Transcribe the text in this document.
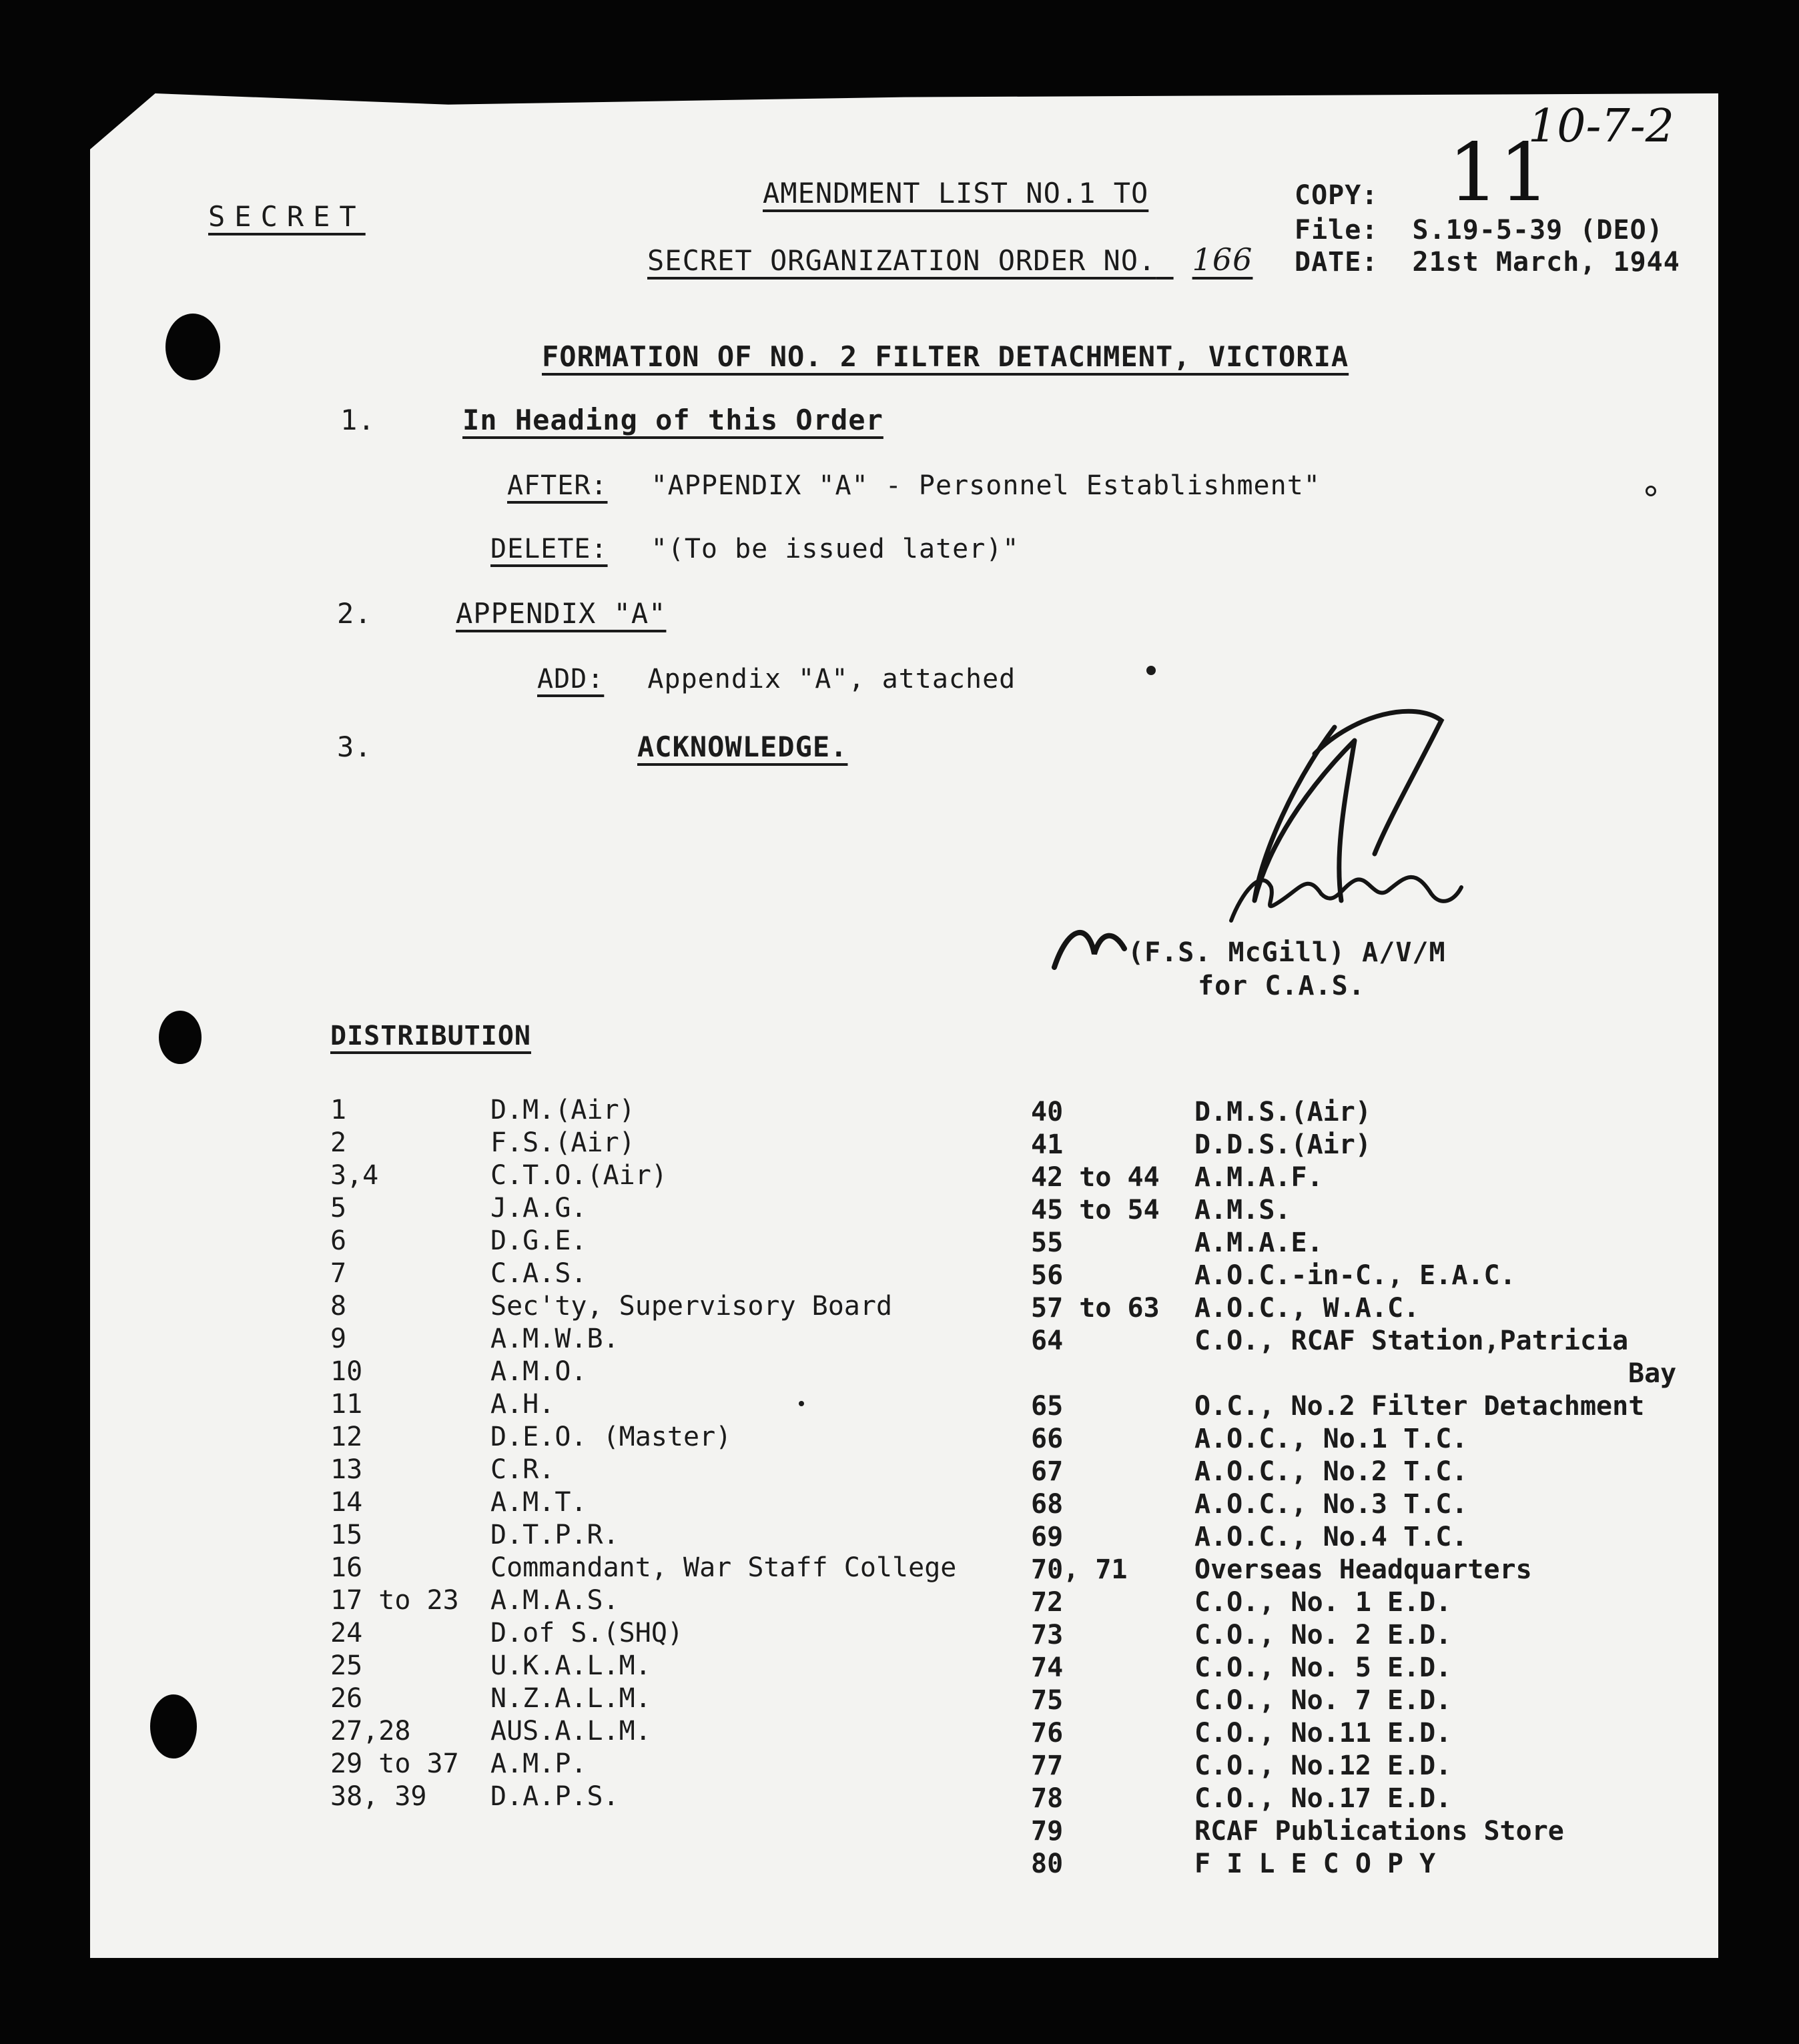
10-7-2
11
SECRET
AMENDMENT LIST NO.1 TO
SECRET ORGANIZATION ORDER NO. 166
COPY:
File: S.19-5-39 (DEO)
DATE: 21st March, 1944
FORMATION OF NO. 2 FILTER DETACHMENT, VICTORIA
1.	In Heading of this Order
AFTER: "APPENDIX "A" - Personnel Establishment"
DELETE: "(To be issued later)"
2.	APPENDIX "A"
ADD: Appendix "A", attached
3.	ACKNOWLEDGE.
(F.S. McGill) A/V/M
for C.A.S.
DISTRIBUTION
1	D.M.(Air)
2	F.S.(Air)
3,4	C.T.O.(Air)
5	J.A.G.
6	D.G.E.
7	C.A.S.
8	Sec'ty, Supervisory Board
9	A.M.W.B.
10	A.M.O.
11	A.H.
12	D.E.O. (Master)
13	C.R.
14	A.M.T.
15	D.T.P.R.
16	Commandant, War Staff College
17 to 23	A.M.A.S.
24	D.of S.(SHQ)
25	U.K.A.L.M.
26	N.Z.A.L.M.
27,28	AUS.A.L.M.
29 to 37	A.M.P.
38, 39	D.A.P.S.
40	D.M.S.(Air)
41	D.D.S.(Air)
42 to 44	A.M.A.F.
45 to 54	A.M.S.
55	A.M.A.E.
56	A.O.C.-in-C., E.A.C.
57 to 63	A.O.C., W.A.C.
64	C.O., RCAF Station,Patricia
Bay
65	O.C., No.2 Filter Detachment
66	A.O.C., No.1 T.C.
67	A.O.C., No.2 T.C.
68	A.O.C., No.3 T.C.
69	A.O.C., No.4 T.C.
70, 71	Overseas Headquarters
72	C.O., No. 1 E.D.
73	C.O., No. 2 E.D.
74	C.O., No. 5 E.D.
75	C.O., No. 7 E.D.
76	C.O., No.11 E.D.
77	C.O., No.12 E.D.
78	C.O., No.17 E.D.
79	RCAF Publications Store
80	F I L E C O P Y
